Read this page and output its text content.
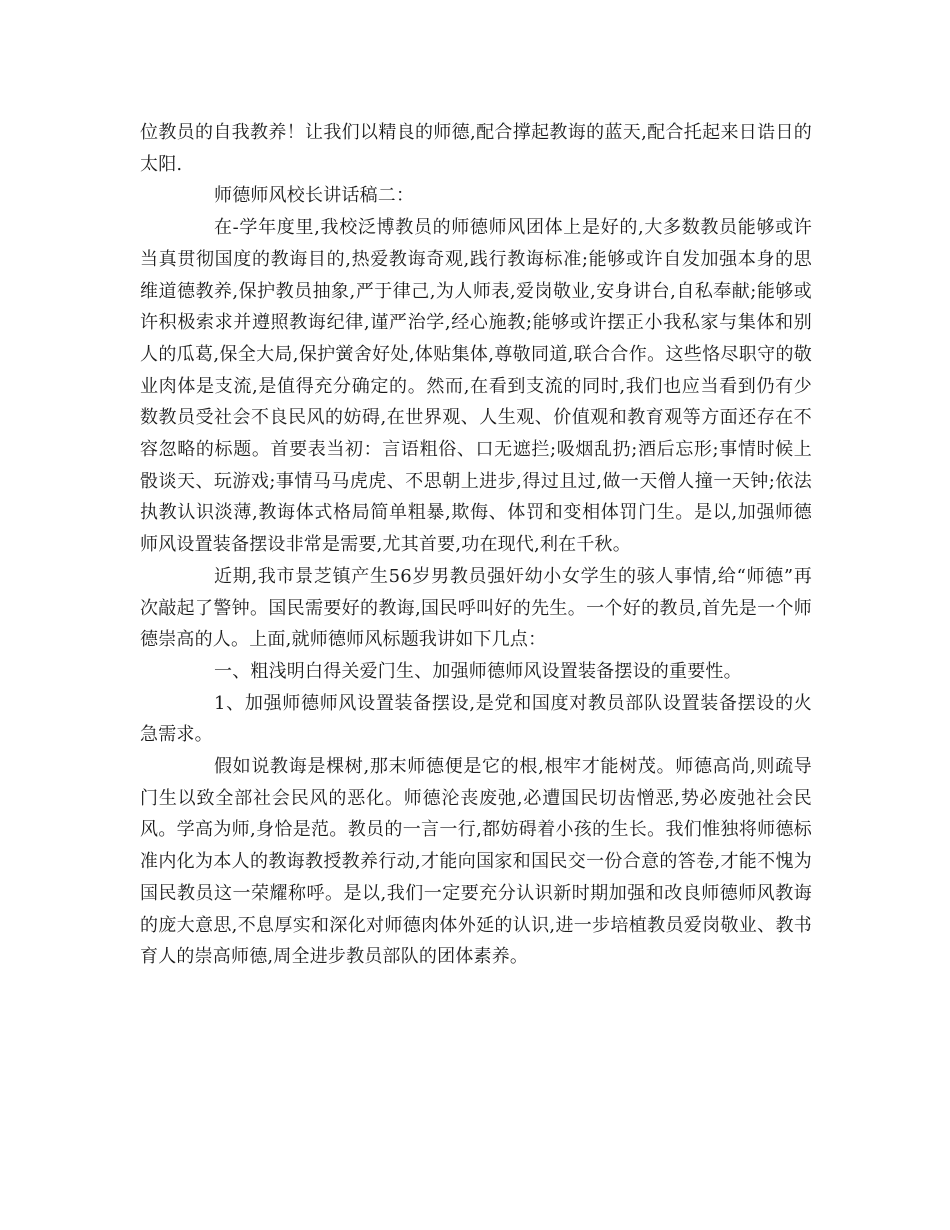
位教员的自我教养！让我们以精良的师德,配合撑起教诲的蓝天,配合托起来日诰日的太阳.

师德师风校长讲话稿二：

在-学年度里,我校泛博教员的师德师风团体上是好的,大多数教员能够或许当真贯彻国度的教诲目的,热爱教诲奇观,践行教诲标准;能够或许自发加强本身的思维道德教养,保护教员抽象,严于律己,为人师表,爱岗敬业,安身讲台,自私奉献;能够或许积极索求并遵照教诲纪律,谨严治学,经心施教;能够或许摆正小我私家与集体和别人的瓜葛,保全大局,保护黉舍好处,体贴集体,尊敬同道,联合合作。这些恪尽职守的敬业肉体是支流,是值得充分确定的。然而,在看到支流的同时,我们也应当看到仍有少数教员受社会不良民风的妨碍,在世界观、人生观、价值观和教育观等方面还存在不容忽略的标题。首要表当初：言语粗俗、口无遮拦;吸烟乱扔;酒后忘形;事情时候上骰谈天、玩游戏;事情马马虎虎、不思朝上进步,得过且过,做一天僧人撞一天钟;依法执教认识淡薄,教诲体式格局简单粗暴,欺侮、体罚和变相体罚门生。是以,加强师德师风设置装备摆设非常是需要,尤其首要,功在现代,利在千秋。

近期,我市景芝镇产生56岁男教员强奸幼小女学生的骇人事情,给“师德”再次敲起了警钟。国民需要好的教诲,国民呼叫好的先生。一个好的教员,首先是一个师德崇高的人。上面,就师德师风标题我讲如下几点：

一、粗浅明白得关爱门生、加强师德师风设置装备摆设的重要性。

1、加强师德师风设置装备摆设,是党和国度对教员部队设置装备摆设的火急需求。

假如说教诲是棵树,那末师德便是它的根,根牢才能树茂。师德高尚,则疏导门生以致全部社会民风的恶化。师德沦丧废弛,必遭国民切齿憎恶,势必废弛社会民风。学高为师,身恰是范。教员的一言一行,都妨碍着小孩的生长。我们惟独将师德标准内化为本人的教诲教授教养行动,才能向国家和国民交一份合意的答卷,才能不愧为国民教员这一荣耀称呼。是以,我们一定要充分认识新时期加强和改良师德师风教诲的庞大意思,不息厚实和深化对师德肉体外延的认识,进一步培植教员爱岗敬业、教书育人的崇高师德,周全进步教员部队的团体素养。
